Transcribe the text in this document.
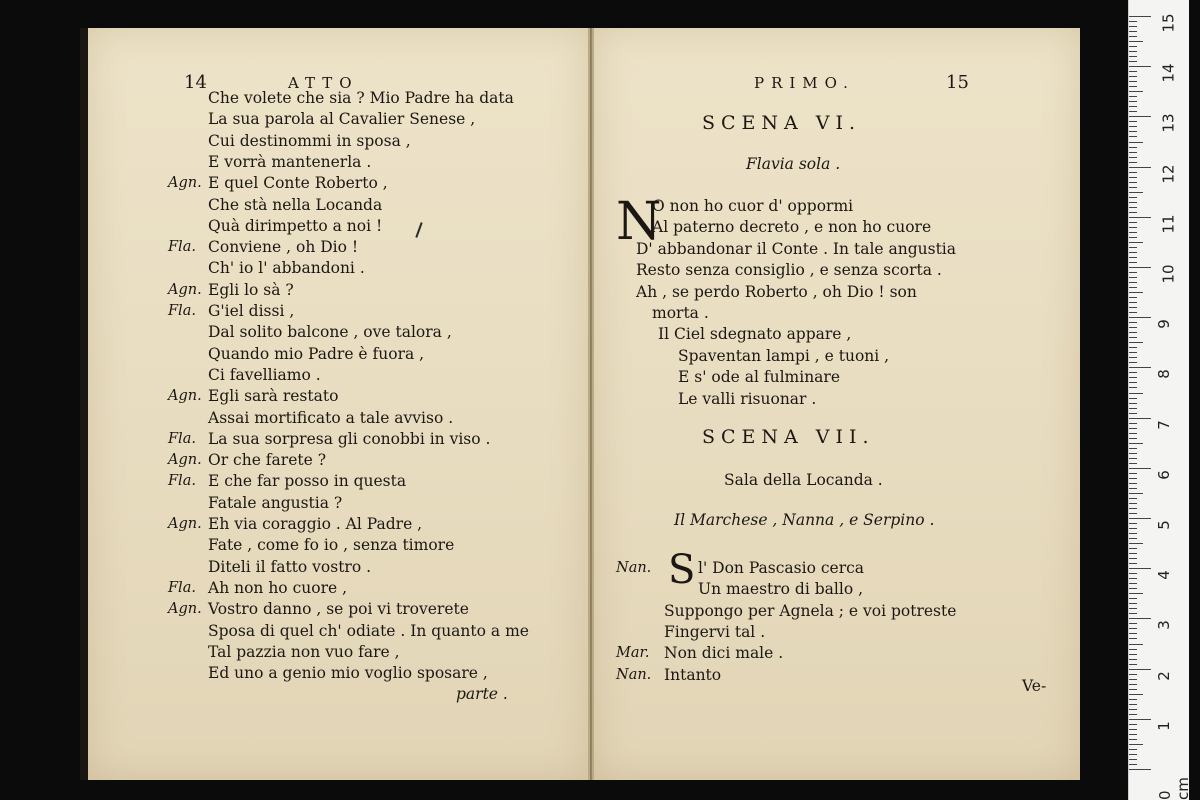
14	ATTO
Che volete che sia ? Mio Padre ha data
La sua parola al Cavalier Senese ,
Cui destinommi in sposa ,
E vorrà mantenerla .
Agn. E quel Conte Roberto ,
Che stà nella Locanda
Quà dirimpetto a noi !
Fla. Conviene , oh Dio !
Ch' io l' abbandoni .
Agn. Egli lo sà ?
Fla. G'iel dissi ,
Dal solito balcone , ove talora ,
Quando mio Padre è fuora ,
Ci favelliamo .
Agn. Egli sarà restato
Assai mortificato a tale avviso .
Fla. La sua sorpresa gli conobbi in viso .
Agn. Or che farete ?
Fla. E che far posso in questa
Fatale angustia ?
Agn. Eh via coraggio . Al Padre ,
Fate , come fo io , senza timore
Diteli il fatto vostro .
Fla. Ah non ho cuore ,
Agn. Vostro danno , se poi vi troverete
Sposa di quel ch' odiate . In quanto a me
Tal pazzia non vuo fare ,
Ed uno a genio mio voglio sposare ,
parte .
PRIMO.	15
SCENA VI.
Flavia sola .
N
O non ho cuor d' oppormi
Al paterno decreto , e non ho cuore
D' abbandonar il Conte . In tale angustia
Resto senza consiglio , e senza scorta .
Ah , se perdo Roberto , oh Dio ! son
morta .
Il Ciel sdegnato appare ,
Spaventan lampi , e tuoni ,
E s' ode al fulminare
Le valli risuonar .
SCENA VII.
Sala della Locanda .
Il Marchese , Nanna , e Serpino .
S
Nan.	l' Don Pascasio cerca
Un maestro di ballo ,
Suppongo per Agnela ; e voi potreste
Fingervi tal .
Mar. Non dici male .
Nan. Intanto
Ve-
15
14
13
12
11
10
9
8
7
6
5
4
3
2
1
0 cm
